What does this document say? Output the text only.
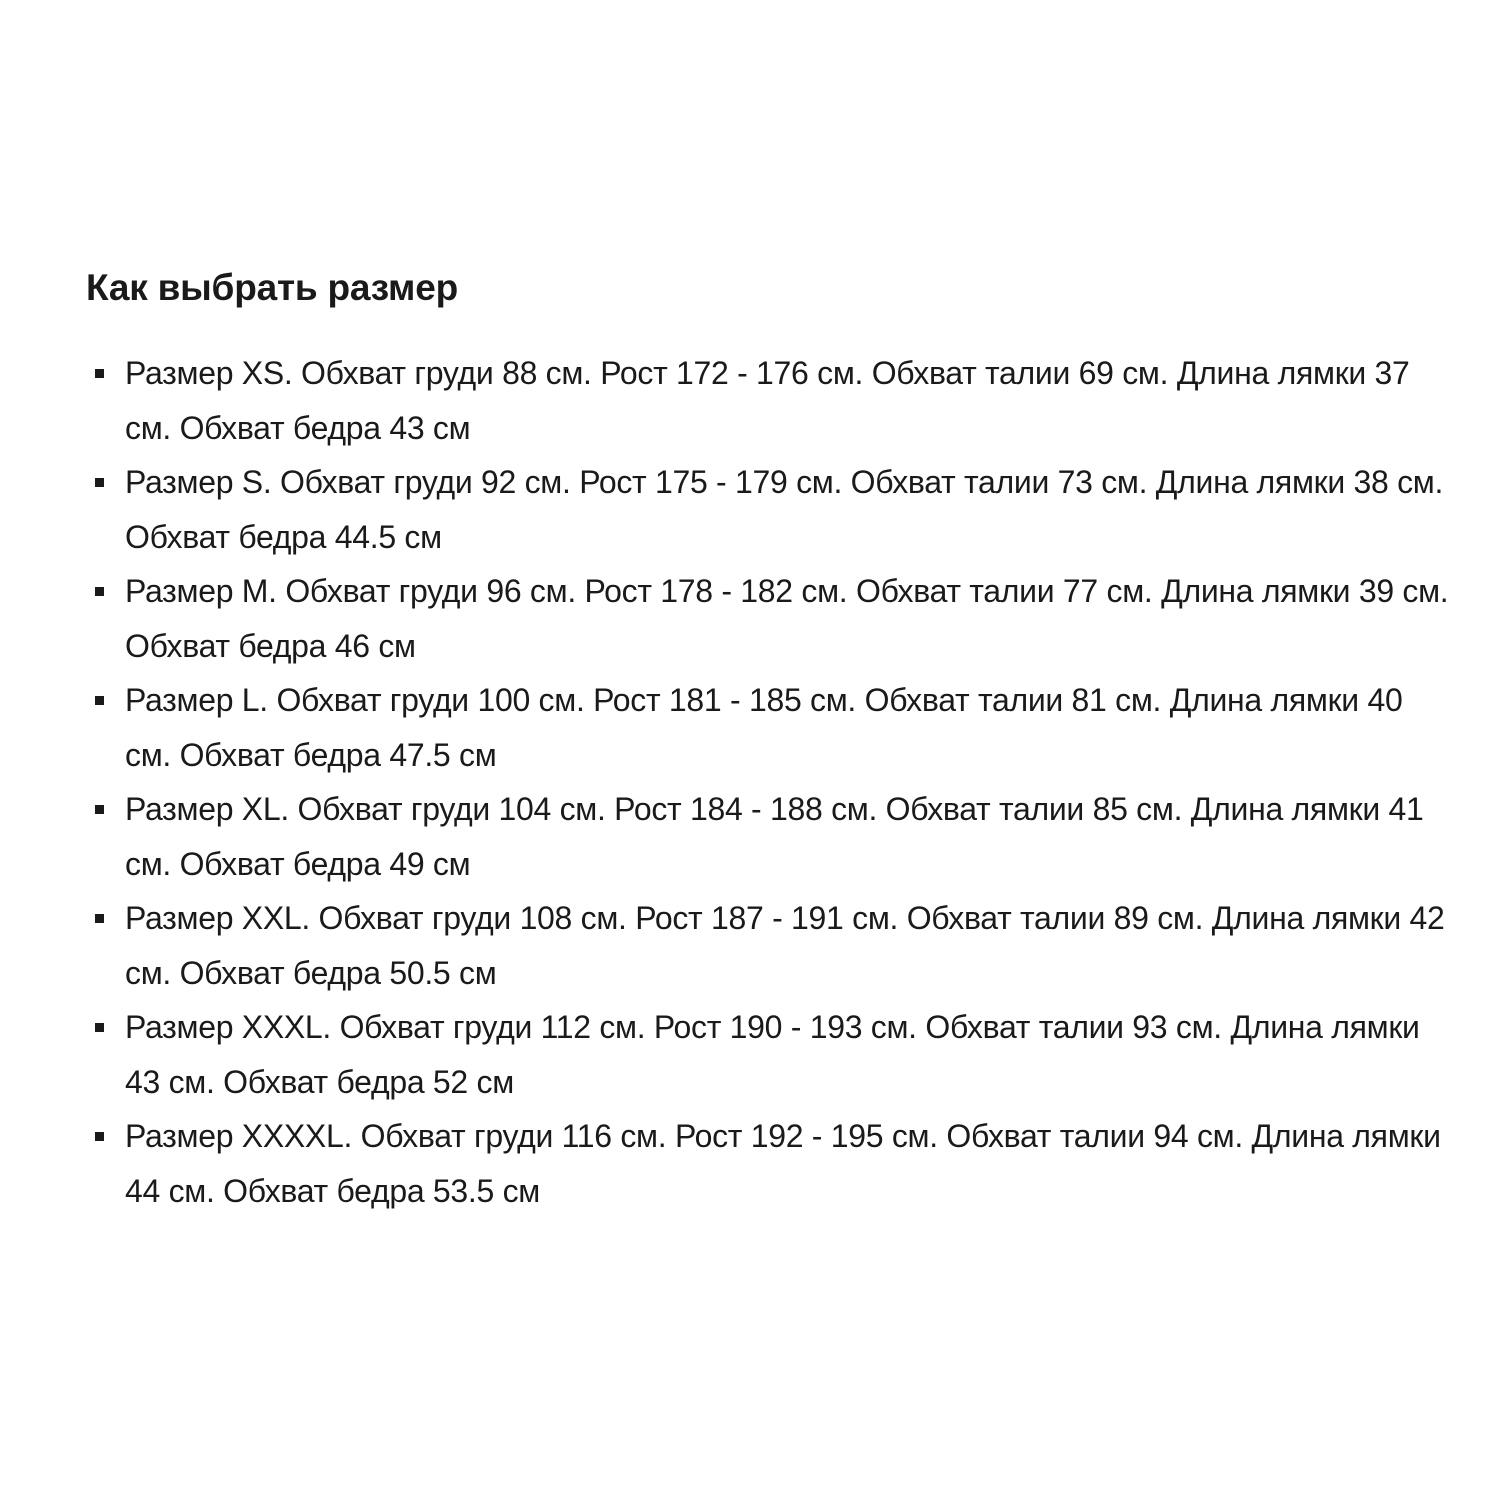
Как выбрать размер
Размер XS. Обхват груди 88 см. Рост 172 - 176 см. Обхват талии 69 см. Длина лямки 37 см. Обхват бедра 43 см
Размер S. Обхват груди 92 см. Рост 175 - 179 см. Обхват талии 73 см. Длина лямки 38 см. Обхват бедра 44.5 см
Размер M. Обхват груди 96 см. Рост 178 - 182 см. Обхват талии 77 см. Длина лямки 39 см. Обхват бедра 46 см
Размер L. Обхват груди 100 см. Рост 181 - 185 см. Обхват талии 81 см. Длина лямки 40 см. Обхват бедра 47.5 см
Размер XL. Обхват груди 104 см. Рост 184 - 188 см. Обхват талии 85 см. Длина лямки 41 см. Обхват бедра 49 см
Размер XXL. Обхват груди 108 см. Рост 187 - 191 см. Обхват талии 89 см. Длина лямки 42 см. Обхват бедра 50.5 см
Размер XXXL. Обхват груди 112 см. Рост 190 - 193 см. Обхват талии 93 см. Длина лямки 43 см. Обхват бедра 52 см
Размер XXXXL. Обхват груди 116 см. Рост 192 - 195 см. Обхват талии 94 см. Длина лямки 44 см. Обхват бедра 53.5 см
